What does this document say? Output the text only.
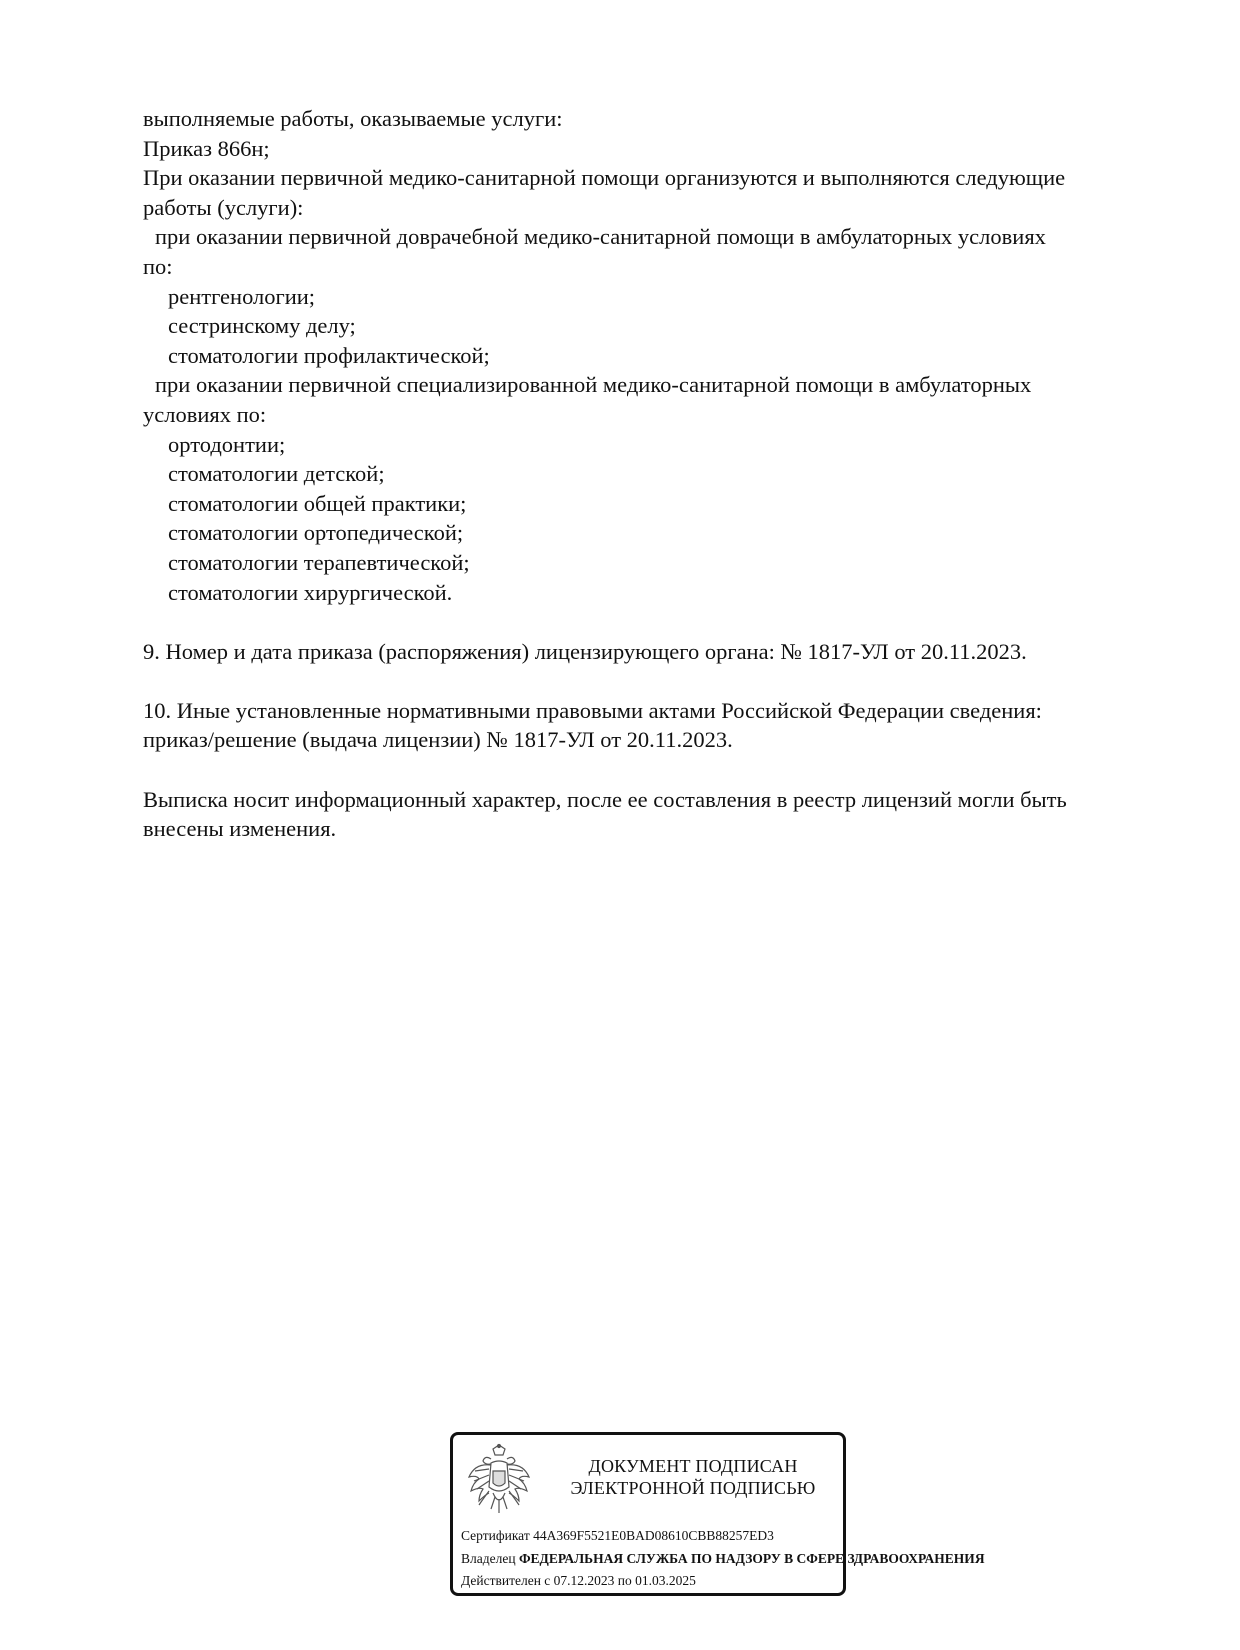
выполняемые работы, оказываемые услуги:
Приказ 866н;
При оказании первичной медико-санитарной помощи организуются и выполняются следующие
работы (услуги):
при оказании первичной доврачебной медико-санитарной помощи в амбулаторных условиях
по:
рентгенологии;
сестринскому делу;
стоматологии профилактической;
при оказании первичной специализированной медико-санитарной помощи в амбулаторных
условиях по:
ортодонтии;
стоматологии детской;
стоматологии общей практики;
стоматологии ортопедической;
стоматологии терапевтической;
стоматологии хирургической.
9. Номер и дата приказа (распоряжения) лицензирующего органа: № 1817-УЛ от 20.11.2023.
10. Иные установленные нормативными правовыми актами Российской Федерации сведения:
приказ/решение (выдача лицензии) № 1817-УЛ от 20.11.2023.
Выписка носит информационный характер, после ее составления в реестр лицензий могли быть
внесены изменения.
ДОКУМЕНТ ПОДПИСАН
ЭЛЕКТРОННОЙ ПОДПИСЬЮ
Сертификат 44A369F5521E0BAD08610CBB88257ED3
Владелец ФЕДЕРАЛЬНАЯ СЛУЖБА ПО НАДЗОРУ В СФЕРЕ ЗДРАВООХРАНЕНИЯ
Действителен с 07.12.2023 по 01.03.2025
